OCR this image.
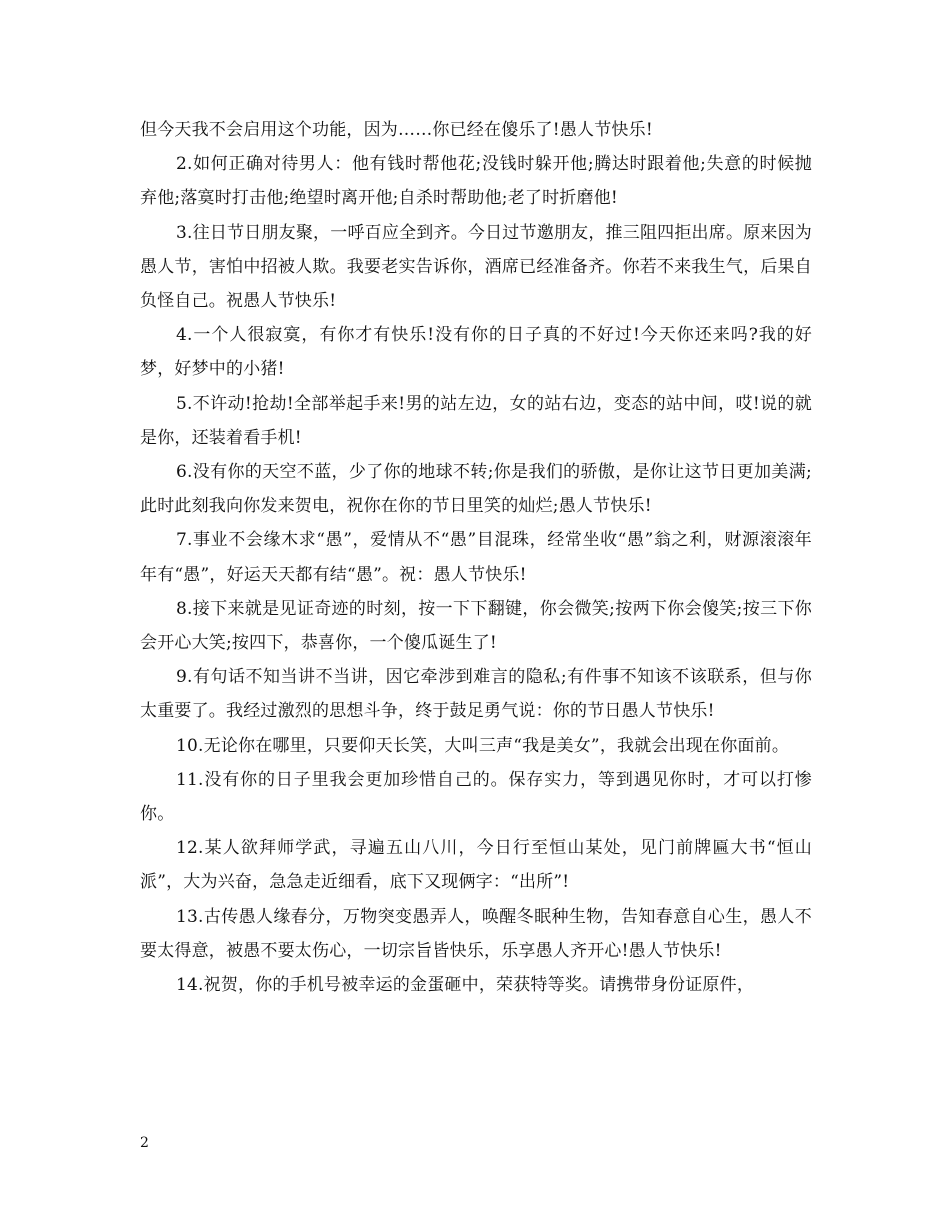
但今天我不会启用这个功能，因为……你已经在傻乐了!愚人节快乐!

2.如何正确对待男人：他有钱时帮他花;没钱时躲开他;腾达时跟着他;失意的时候抛弃他;落寞时打击他;绝望时离开他;自杀时帮助他;老了时折磨他!

3.往日节日朋友聚，一呼百应全到齐。今日过节邀朋友，推三阻四拒出席。原来因为愚人节，害怕中招被人欺。我要老实告诉你，酒席已经准备齐。你若不来我生气，后果自负怪自己。祝愚人节快乐!

4.一个人很寂寞，有你才有快乐!没有你的日子真的不好过!今天你还来吗?我的好梦，好梦中的小猪!

5.不许动!抢劫!全部举起手来!男的站左边，女的站右边，变态的站中间，哎!说的就是你，还装着看手机!

6.没有你的天空不蓝，少了你的地球不转;你是我们的骄傲，是你让这节日更加美满;此时此刻我向你发来贺电，祝你在你的节日里笑的灿烂;愚人节快乐!

7.事业不会缘木求“愚”，爱情从不“愚”目混珠，经常坐收“愚”翁之利，财源滚滚年年有“愚”，好运天天都有结“愚”。祝：愚人节快乐!

8.接下来就是见证奇迹的时刻，按一下下翻键，你会微笑;按两下你会傻笑;按三下你会开心大笑;按四下，恭喜你，一个傻瓜诞生了!

9.有句话不知当讲不当讲，因它牵涉到难言的隐私;有件事不知该不该联系，但与你太重要了。我经过激烈的思想斗争，终于鼓足勇气说：你的节日愚人节快乐!

10.无论你在哪里，只要仰天长笑，大叫三声“我是美女”，我就会出现在你面前。

11.没有你的日子里我会更加珍惜自己的。保存实力，等到遇见你时，才可以打惨你。

12.某人欲拜师学武，寻遍五山八川，今日行至恒山某处，见门前牌匾大书“恒山派”，大为兴奋，急急走近细看，底下又现俩字：“出所”!

13.古传愚人缘春分，万物突变愚弄人，唤醒冬眠种生物，告知春意自心生，愚人不要太得意，被愚不要太伤心，一切宗旨皆快乐，乐享愚人齐开心!愚人节快乐!

14.祝贺，你的手机号被幸运的金蛋砸中，荣获特等奖。请携带身份证原件，

2
